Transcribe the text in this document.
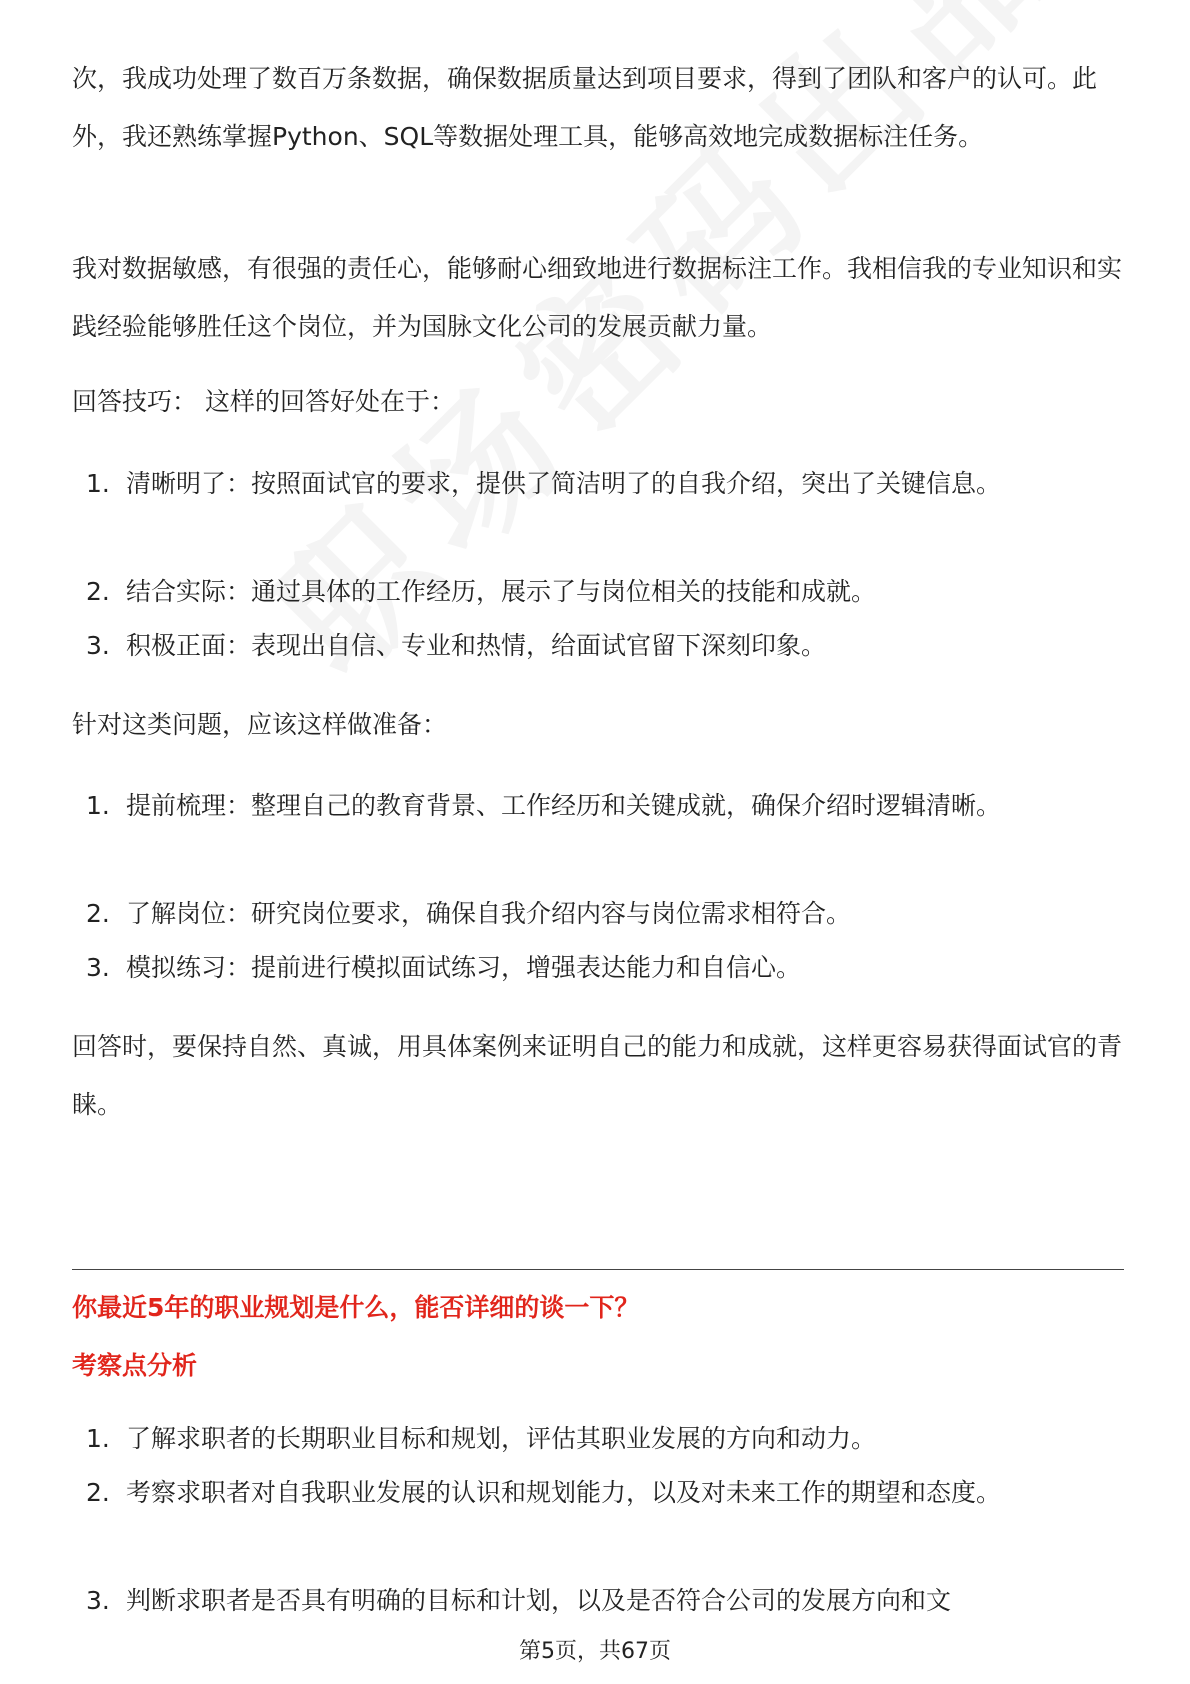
次，我成功处理了数百万条数据，确保数据质量达到项目要求，得到了团队和客户的认可。此外，我还熟练掌握Python、SQL等数据处理工具，能够高效地完成数据标注任务。

我对数据敏感，有很强的责任心，能够耐心细致地进行数据标注工作。我相信我的专业知识和实践经验能够胜任这个岗位，并为国脉文化公司的发展贡献力量。

回答技巧： 这样的回答好处在于：

1. 清晰明了：按照面试官的要求，提供了简洁明了的自我介绍，突出了关键信息。
2. 结合实际：通过具体的工作经历，展示了与岗位相关的技能和成就。
3. 积极正面：表现出自信、专业和热情，给面试官留下深刻印象。

针对这类问题，应该这样做准备：

1. 提前梳理：整理自己的教育背景、工作经历和关键成就，确保介绍时逻辑清晰。
2. 了解岗位：研究岗位要求，确保自我介绍内容与岗位需求相符合。
3. 模拟练习：提前进行模拟面试练习，增强表达能力和自信心。

回答时，要保持自然、真诚，用具体案例来证明自己的能力和成就，这样更容易获得面试官的青睐。

你最近5年的职业规划是什么，能否详细的谈一下？
考察点分析
1. 了解求职者的长期职业目标和规划，评估其职业发展的方向和动力。
2. 考察求职者对自我职业发展的认识和规划能力，以及对未来工作的期望和态度。
3. 判断求职者是否具有明确的目标和计划，以及是否符合公司的发展方向和文
第5页，共67页
